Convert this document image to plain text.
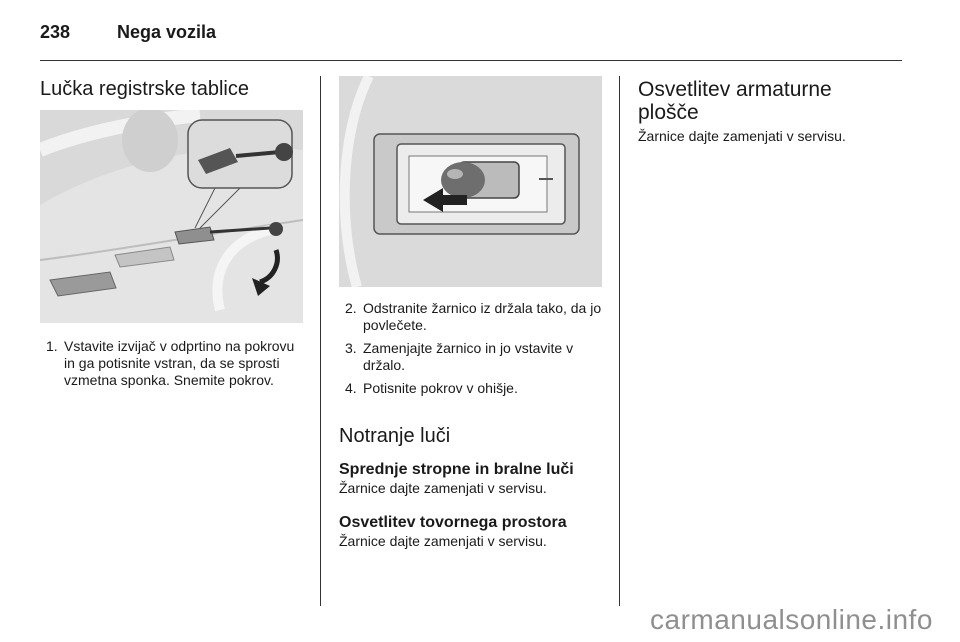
238	Nega vozila
Lučka registrske tablice
1. Vstavite izvijač v odprtino na pokrovu in ga potisnite vstran, da se sprosti vzmetna sponka. Snemite pokrov.
2. Odstranite žarnico iz držala tako, da jo povlečete.
3. Zamenjajte žarnico in jo vstavite v držalo.
4. Potisnite pokrov v ohišje.
Notranje luči
Sprednje stropne in bralne luči

Žarnice dajte zamenjati v servisu.

Osvetlitev tovornega prostora

Žarnice dajte zamenjati v servisu.

Osvetlitev armaturne plošče

Žarnice dajte zamenjati v servisu.

carmanualsonline.info
